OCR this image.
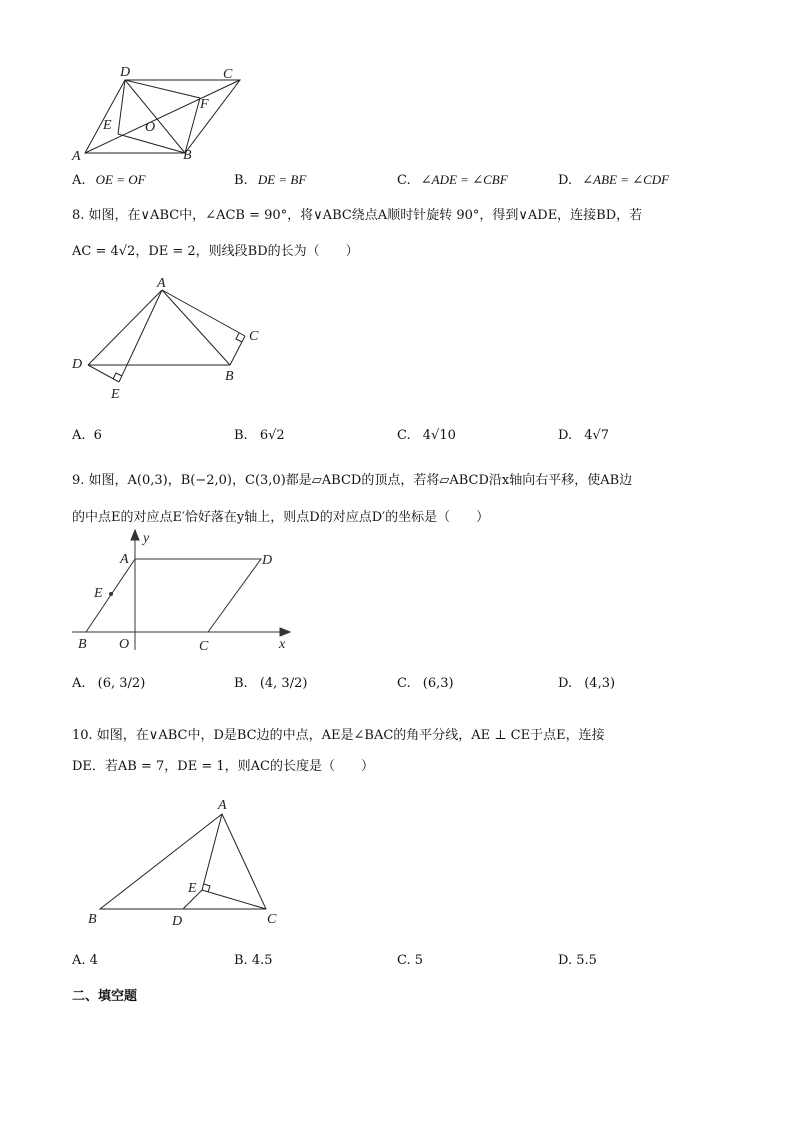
A	B
C
D
E
F
O
A. OE = OF	B. DE = BF	C. ∠ADE = ∠CBF	D. ∠ABE = ∠CDF
8. 如图，在∨ABC中，∠ACB = 90°，将∨ABC绕点A顺时针旋转 90°，得到∨ADE，连接BD，若
AC = 4√2，DE = 2，则线段BD的长为（　　）
A
B
C
D
E
A. 6	B. 6√2	C. 4√10	D. 4√7
9. 如图，A(0,3)，B(−2,0)，C(3,0)都是▱ABCD的顶点，若将▱ABCD沿x轴向右平移，使AB边
的中点E的对应点E′恰好落在y轴上，则点D的对应点D′的坐标是（　　）
A
B	C
D
E
O	x
y
A. (6, 3/2)	B. (4, 3/2)	C. (6,3)	D. (4,3)
10. 如图，在∨ABC中，D是BC边的中点，AE是∠BAC的角平分线，AE ⊥ CE于点E，连接
DE．若AB = 7，DE = 1，则AC的长度是（　　）
A
B	C
D
E
A. 4	B. 4.5	C. 5	D. 5.5
二、填空题
